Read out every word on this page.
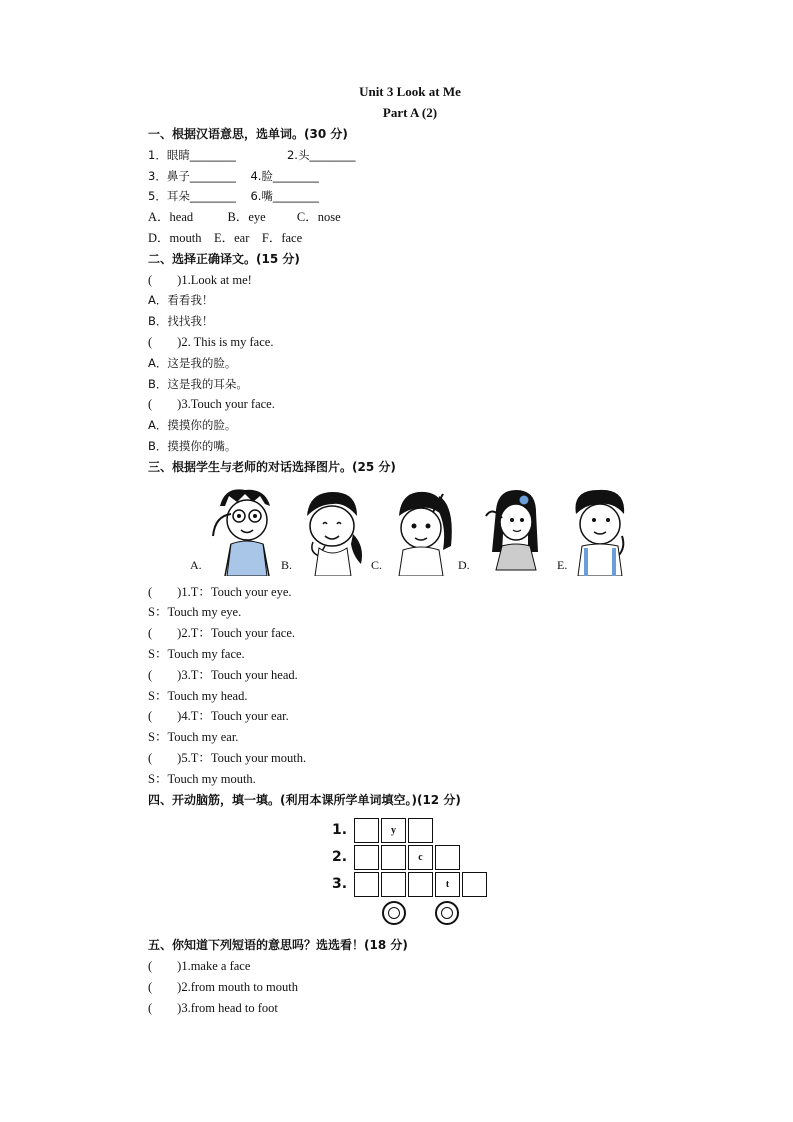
Unit 3 Look at Me
Part A (2)
一、根据汉语意思，选单词。(30 分)
1．眼睛________              2.头________
3．鼻子________    4.脸________
5．耳朵________    6.嘴________
A．head           B．eye          C．nose
D．mouth    E．ear    F．face
二、选择正确译文。(15 分)
(        )1.Look at me!
A．看看我！
B．找找我！
(        )2. This is my face.
A．这是我的脸。
B．这是我的耳朵。
(        )3.Touch your face.
A．摸摸你的脸。
B．摸摸你的嘴。
三、根据学生与老师的对话选择图片。(25 分)
A.	B.	C.	D.	E.
(        )1.T：Touch your eye.
S：Touch my eye.
(        )2.T：Touch your face.
S：Touch my face.
(        )3.T：Touch your head.
S：Touch my head.
(        )4.T：Touch your ear.
S：Touch my ear.
(        )5.T：Touch your mouth.
S：Touch my mouth.
四、开动脑筋，填一填。(利用本课所学单词填空。)(12 分)
1.
2.
3.
y
c
t
五、你知道下列短语的意思吗？选选看！(18 分)
(        )1.make a face
(        )2.from mouth to mouth
(        )3.from head to foot
